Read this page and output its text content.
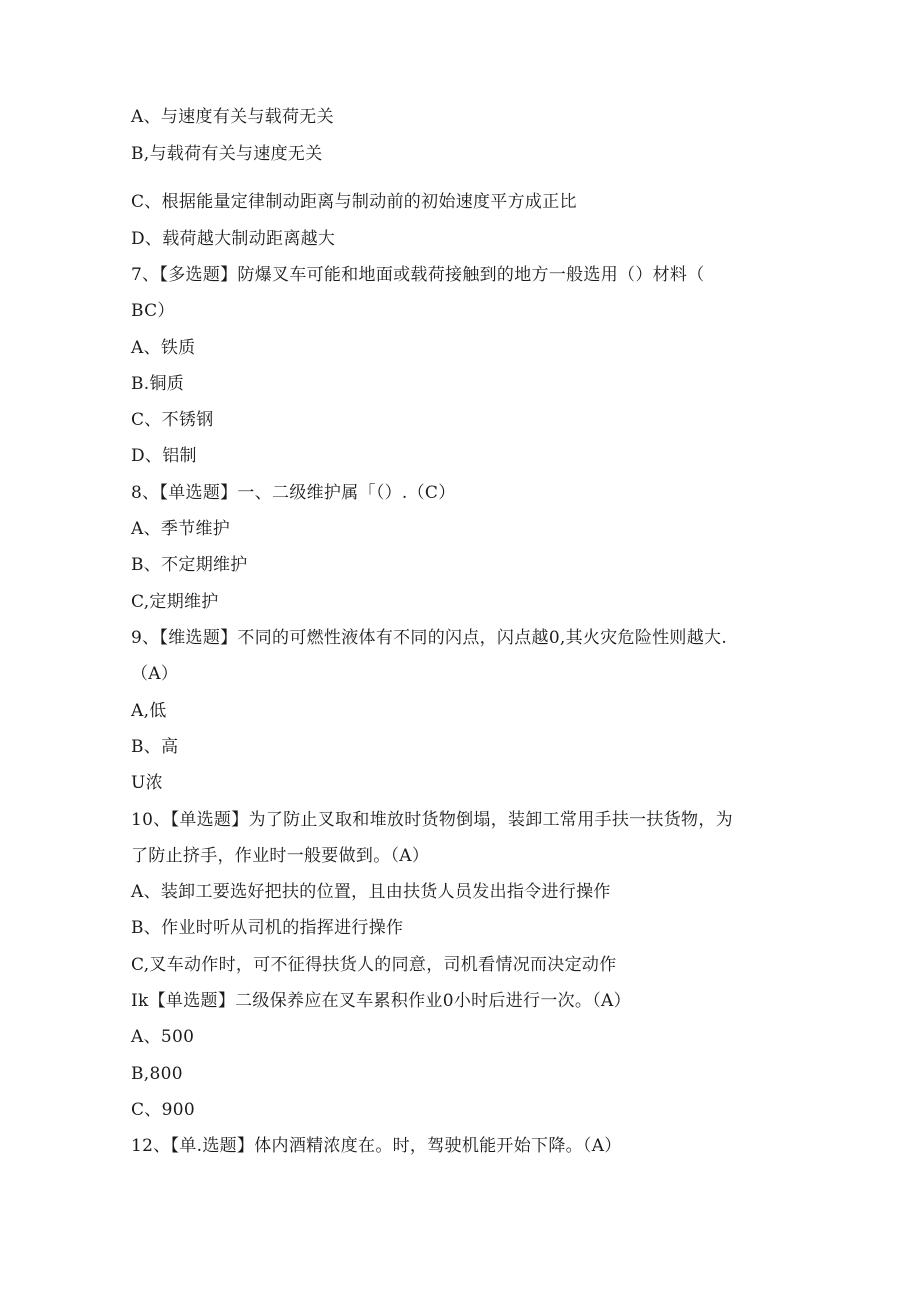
A、与速度有关与载荷无关
B,与载荷有关与速度无关
C、根据能量定律制动距离与制动前的初始速度平方成正比
D、载荷越大制动距离越大
7、【多选题】防爆叉车可能和地面或载荷接触到的地方一般选用（）材料（
BC）
A、铁质
B.铜质
C、不锈钢
D、铝制
8、【单选题】一、二级维护属「（）.（C）
A、季节维护
B、不定期维护
C,定期维护
9、【维选题】不同的可燃性液体有不同的闪点，闪点越0,其火灾危险性则越大.
（A）
A,低
B、高
U浓
10、【单选题】为了防止叉取和堆放时货物倒塌，装卸工常用手扶一扶货物，为
了防止挤手，作业时一般要做到。（A）
A、装卸工要选好把扶的位置，且由扶货人员发出指令进行操作
B、作业时听从司机的指挥进行操作
C,叉车动作时，可不征得扶货人的同意，司机看情况而决定动作
Ik【单选题】二级保养应在叉车累积作业0小时后进行一次。（A）
A、500
B,800
C、900
12、【单.选题】体内酒精浓度在。时，驾驶机能开始下降。（A）
